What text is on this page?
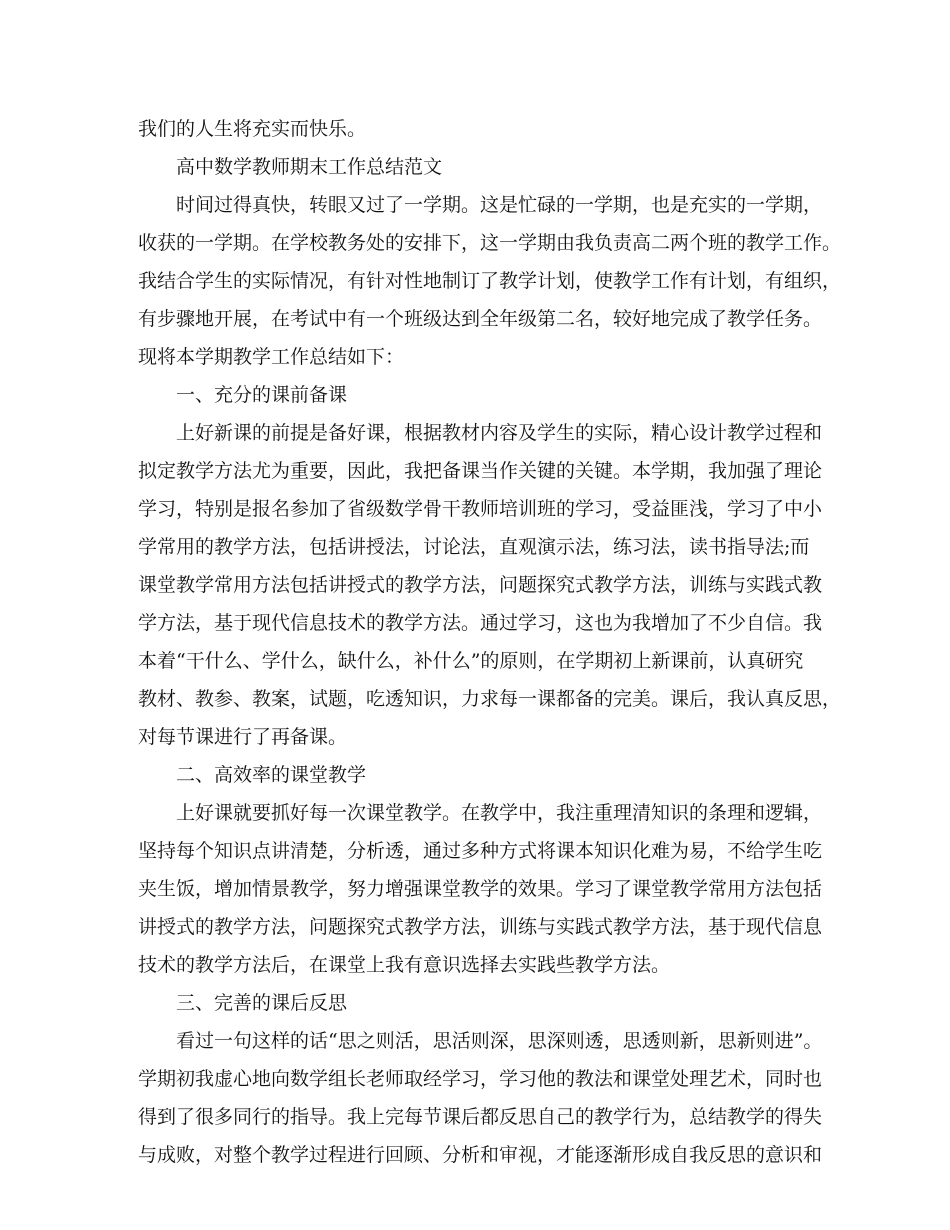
我们的人生将充实而快乐。
高中数学教师期末工作总结范文
时间过得真快，转眼又过了一学期。这是忙碌的一学期，也是充实的一学期，
收获的一学期。在学校教务处的安排下，这一学期由我负责高二两个班的教学工作。
我结合学生的实际情况，有针对性地制订了教学计划，使教学工作有计划，有组织，
有步骤地开展，在考试中有一个班级达到全年级第二名，较好地完成了教学任务。
现将本学期教学工作总结如下：
一、充分的课前备课
上好新课的前提是备好课，根据教材内容及学生的实际，精心设计教学过程和
拟定教学方法尤为重要，因此，我把备课当作关键的关键。本学期，我加强了理论
学习，特别是报名参加了省级数学骨干教师培训班的学习，受益匪浅，学习了中小
学常用的教学方法，包括讲授法，讨论法，直观演示法，练习法，读书指导法;而
课堂教学常用方法包括讲授式的教学方法，问题探究式教学方法，训练与实践式教
学方法，基于现代信息技术的教学方法。通过学习，这也为我增加了不少自信。我
本着“干什么、学什么，缺什么，补什么”的原则，在学期初上新课前，认真研究
教材、教参、教案，试题，吃透知识，力求每一课都备的完美。课后，我认真反思，
对每节课进行了再备课。
二、高效率的课堂教学
上好课就要抓好每一次课堂教学。在教学中，我注重理清知识的条理和逻辑，
坚持每个知识点讲清楚，分析透，通过多种方式将课本知识化难为易，不给学生吃
夹生饭，增加情景教学，努力增强课堂教学的效果。学习了课堂教学常用方法包括
讲授式的教学方法，问题探究式教学方法，训练与实践式教学方法，基于现代信息
技术的教学方法后，在课堂上我有意识选择去实践些教学方法。
三、完善的课后反思
看过一句这样的话“思之则活，思活则深，思深则透，思透则新，思新则进”。
学期初我虚心地向数学组长老师取经学习，学习他的教法和课堂处理艺术，同时也
得到了很多同行的指导。我上完每节课后都反思自己的教学行为，总结教学的得失
与成败，对整个教学过程进行回顾、分析和审视，才能逐渐形成自我反思的意识和
